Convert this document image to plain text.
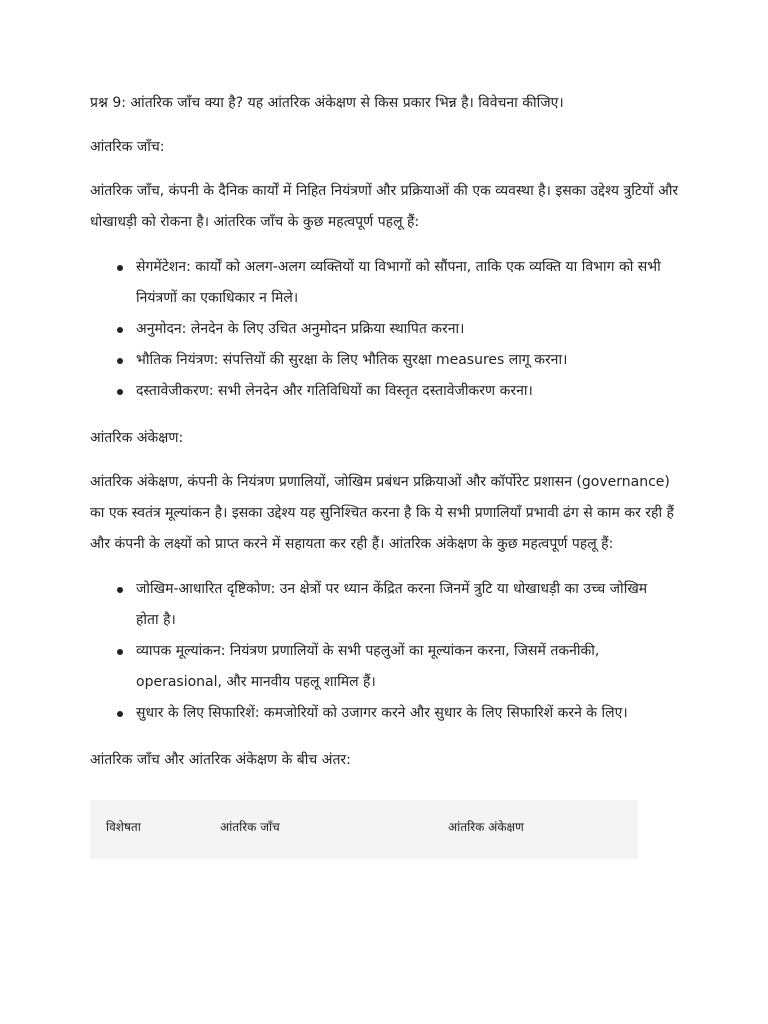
प्रश्न 9: आंतरिक जाँच क्या है? यह आंतरिक अंकेक्षण से किस प्रकार भिन्न है। विवेचना कीजिए।

आंतरिक जाँच:

आंतरिक जाँच, कंपनी के दैनिक कार्यों में निहित नियंत्रणों और प्रक्रियाओं की एक व्यवस्था है। इसका उद्देश्य त्रुटियों और धोखाधड़ी को रोकना है। आंतरिक जाँच के कुछ महत्वपूर्ण पहलू हैं:

सेगमेंटेशन: कार्यों को अलग-अलग व्यक्तियों या विभागों को सौंपना, ताकि एक व्यक्ति या विभाग को सभी नियंत्रणों का एकाधिकार न मिले।
अनुमोदन: लेनदेन के लिए उचित अनुमोदन प्रक्रिया स्थापित करना।
भौतिक नियंत्रण: संपत्तियों की सुरक्षा के लिए भौतिक सुरक्षा measures लागू करना।
दस्तावेजीकरण: सभी लेनदेन और गतिविधियों का विस्तृत दस्तावेजीकरण करना।

आंतरिक अंकेक्षण:

आंतरिक अंकेक्षण, कंपनी के नियंत्रण प्रणालियों, जोखिम प्रबंधन प्रक्रियाओं और कॉर्पोरेट प्रशासन (governance) का एक स्वतंत्र मूल्यांकन है। इसका उद्देश्य यह सुनिश्चित करना है कि ये सभी प्रणालियाँ प्रभावी ढंग से काम कर रही हैं और कंपनी के लक्ष्यों को प्राप्त करने में सहायता कर रही हैं। आंतरिक अंकेक्षण के कुछ महत्वपूर्ण पहलू हैं:

जोखिम-आधारित दृष्टिकोण: उन क्षेत्रों पर ध्यान केंद्रित करना जिनमें त्रुटि या धोखाधड़ी का उच्च जोखिम होता है।
व्यापक मूल्यांकन: नियंत्रण प्रणालियों के सभी पहलुओं का मूल्यांकन करना, जिसमें तकनीकी, operasional, और मानवीय पहलू शामिल हैं।
सुधार के लिए सिफारिशें: कमजोरियों को उजागर करने और सुधार के लिए सिफारिशें करने के लिए।

आंतरिक जाँच और आंतरिक अंकेक्षण के बीच अंतर:

विशेषता	आंतरिक जाँच	आंतरिक अंकेक्षण
